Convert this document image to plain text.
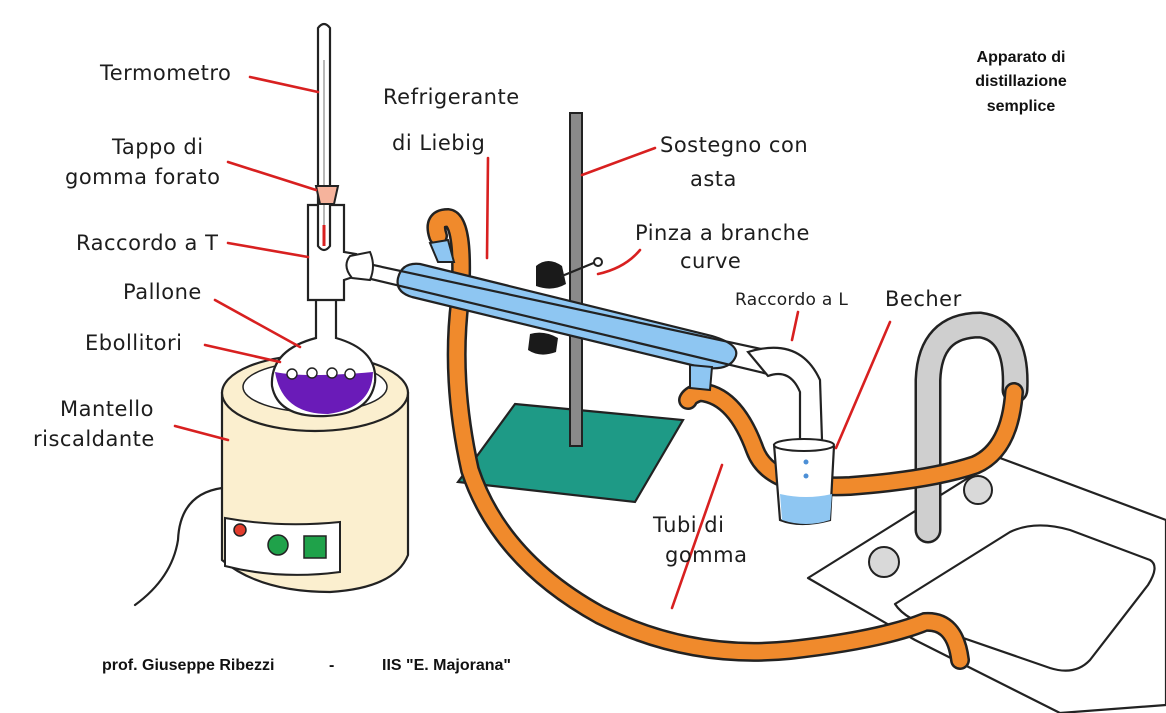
Termometro
Tappo di
gomma forato
Raccordo a T
Pallone
Ebollitori
Mantello
riscaldante
Refrigerante
di Liebig	Sostegno con
asta
Pinza a branche
curve
Raccordo a L Becher
Tubi di
gomma
Apparato di
distillazione
semplice
prof. Giuseppe Ribezzi	-	IIS "E. Majorana"
